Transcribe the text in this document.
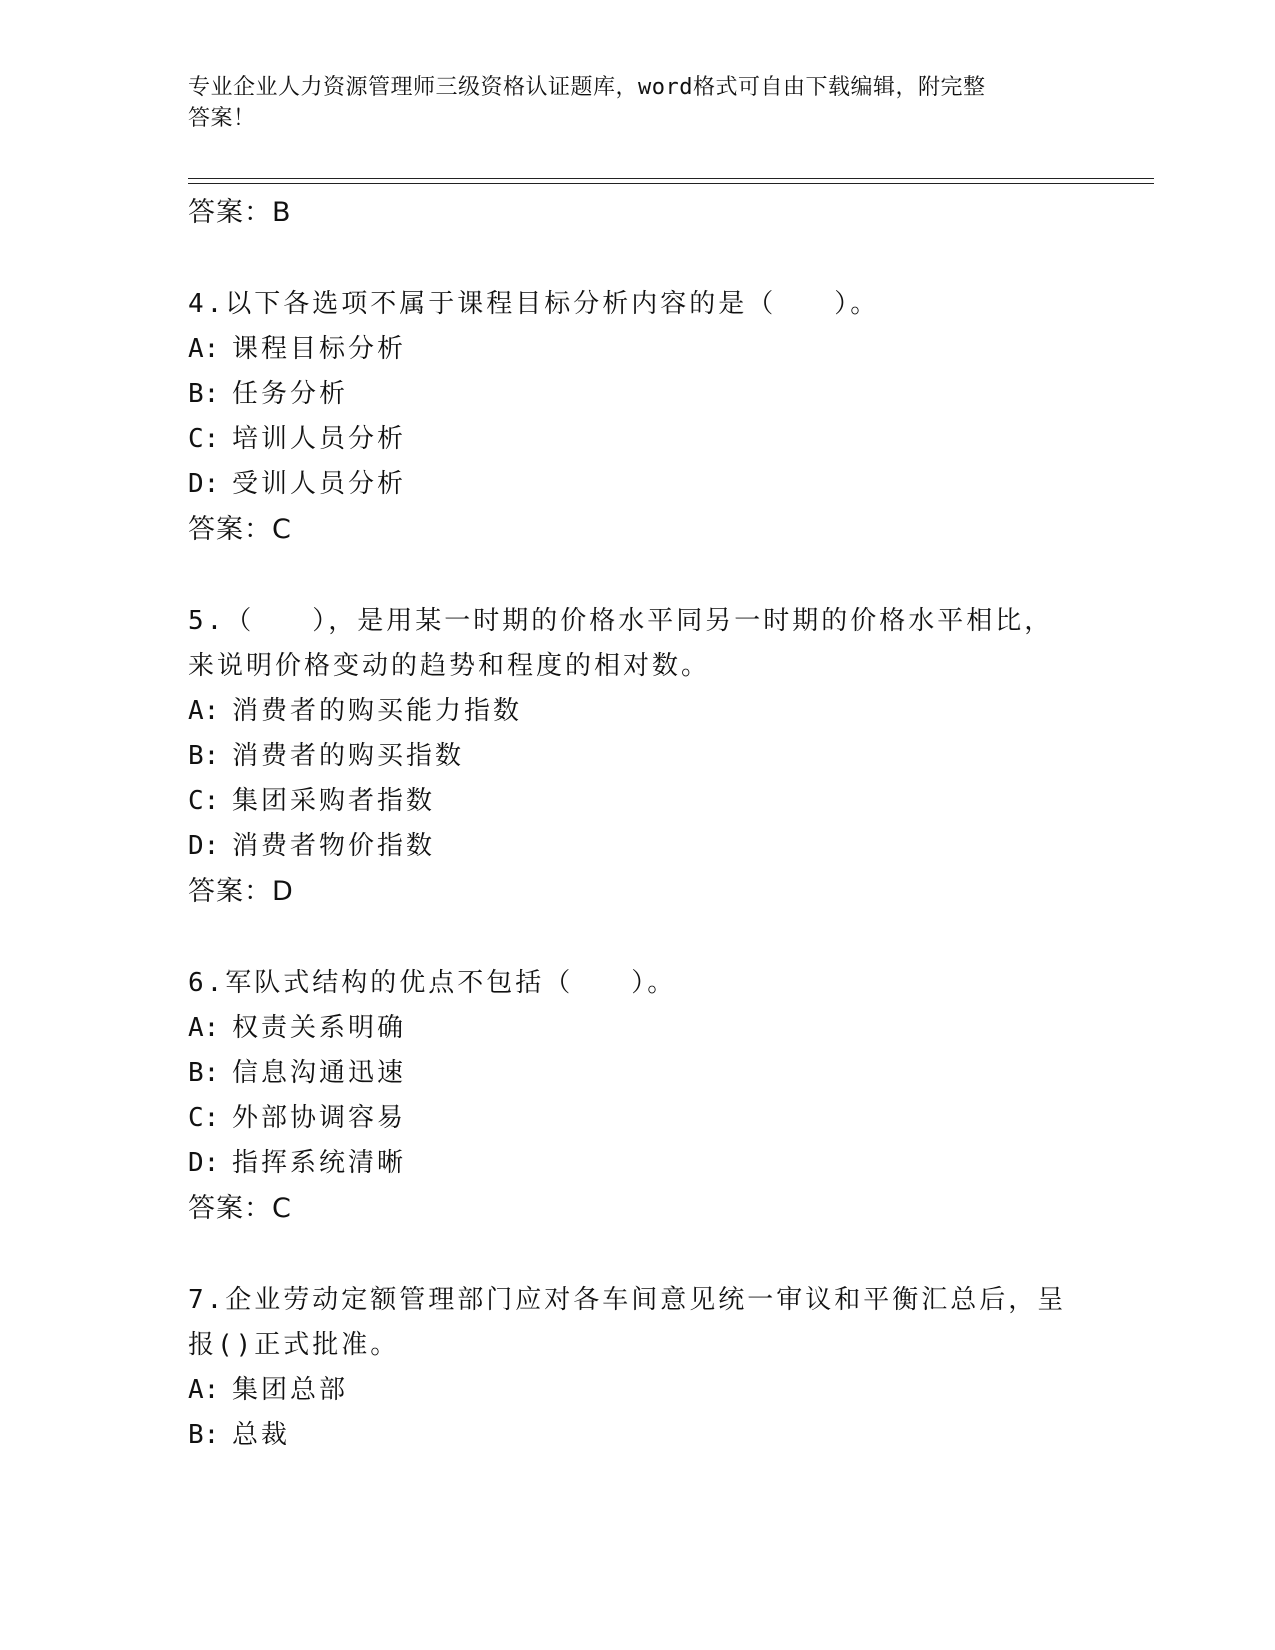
专业企业人力资源管理师三级资格认证题库，word格式可自由下载编辑，附完整
答案！
答案：B
4.以下各选项不属于课程目标分析内容的是（　　）。
A: 课程目标分析
B: 任务分析
C: 培训人员分析
D: 受训人员分析
答案：C
5.（　　），是用某一时期的价格水平同另一时期的价格水平相比，
来说明价格变动的趋势和程度的相对数。
A: 消费者的购买能力指数
B: 消费者的购买指数
C: 集团采购者指数
D: 消费者物价指数
答案：D
6.军队式结构的优点不包括（　　）。
A: 权责关系明确
B: 信息沟通迅速
C: 外部协调容易
D: 指挥系统清晰
答案：C
7.企业劳动定额管理部门应对各车间意见统一审议和平衡汇总后，呈
报()正式批准。
A: 集团总部
B: 总裁
